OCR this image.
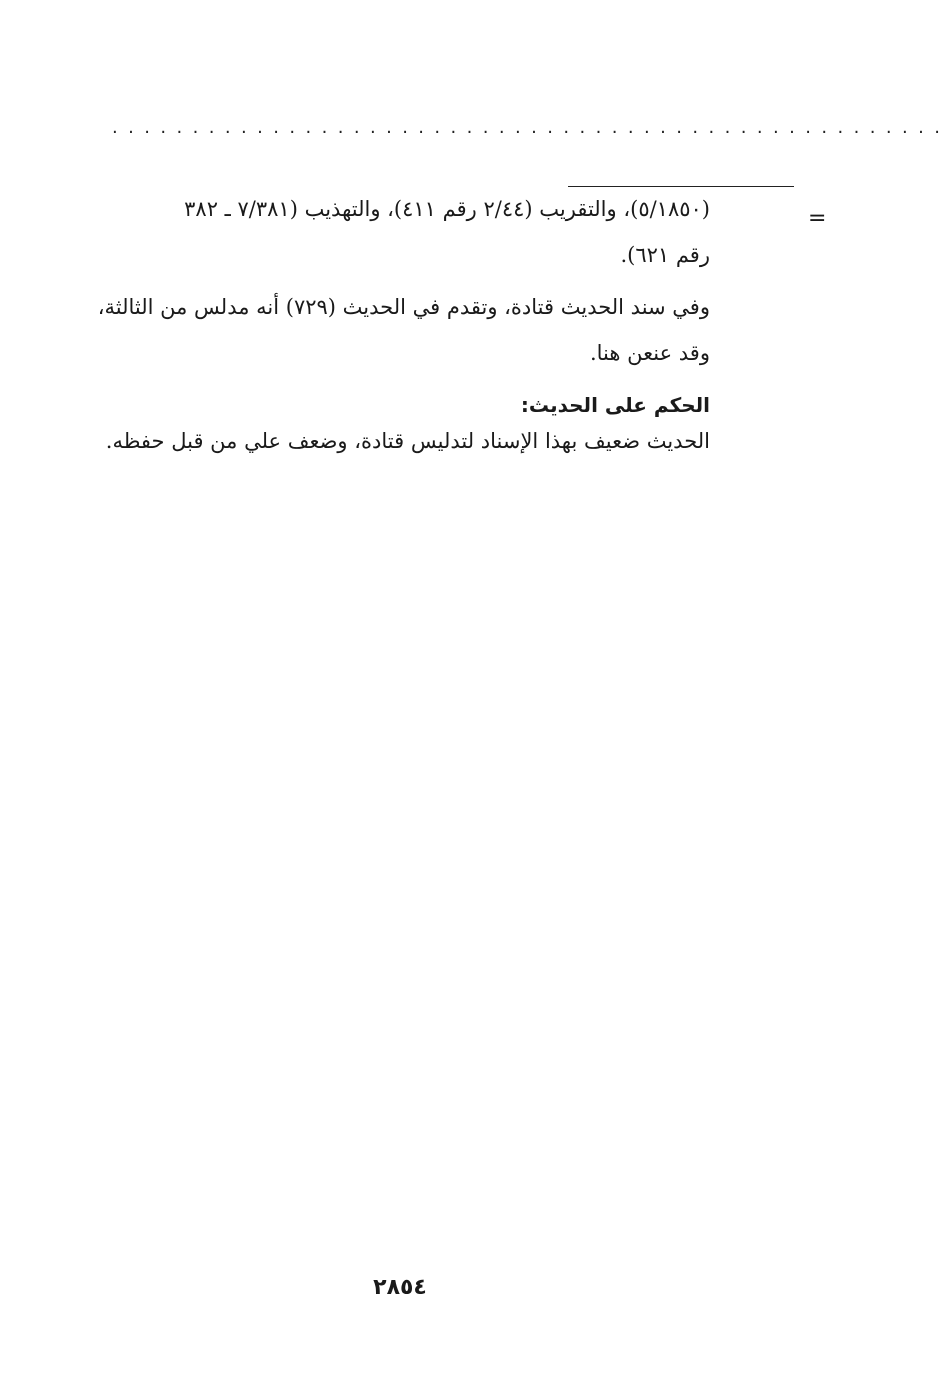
....................................................
=
(٥/١٨٥٠)، والتقريب (٢/٤٤ رقم ٤١١)، والتهذيب (٧/٣٨١ ـ ٣٨٢
رقم ٦٢١).
وفي سند الحديث قتادة، وتقدم في الحديث (٧٢٩) أنه مدلس من الثالثة،
وقد عنعن هنا.
الحكم على الحديث:
الحديث ضعيف بهذا الإسناد لتدليس قتادة، وضعف علي من قبل حفظه.
٢٨٥٤
